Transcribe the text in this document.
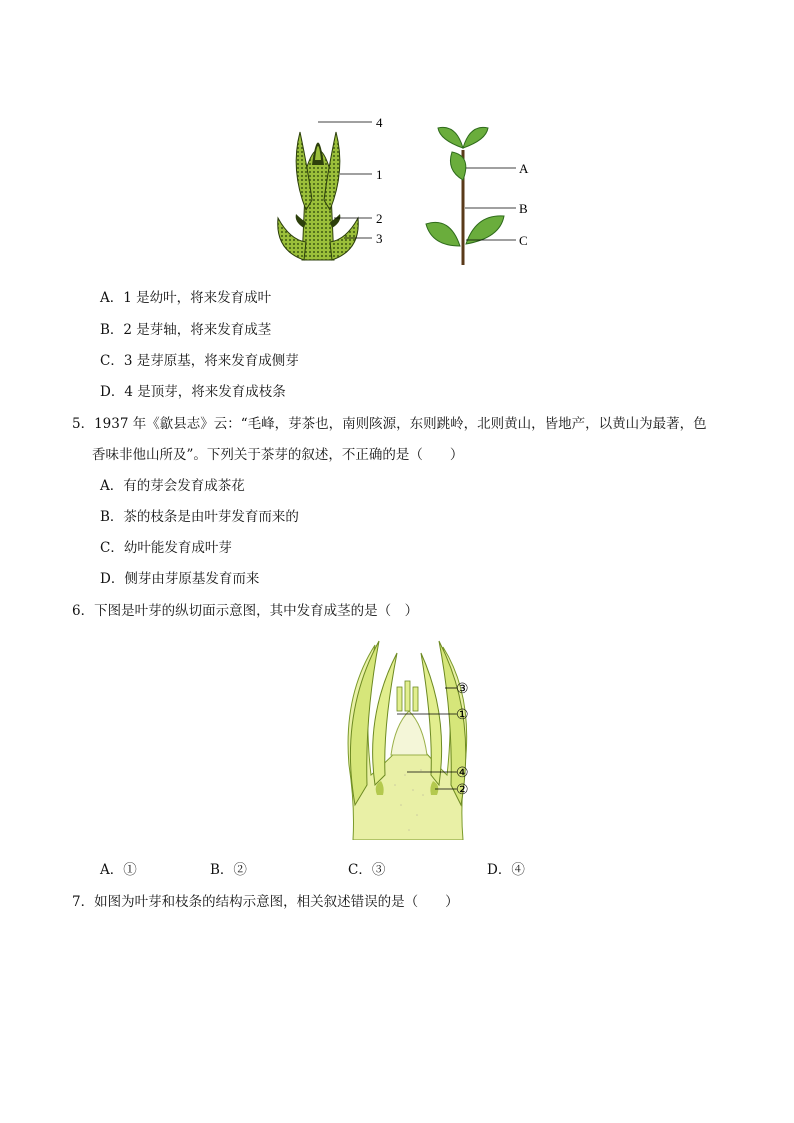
4
1
2
3
A
B
C
A．1 是幼叶，将来发育成叶
B．2 是芽轴，将来发育成茎
C．3 是芽原基，将来发育成侧芽
D．4 是顶芽，将来发育成枝条
5．1937 年《歙县志》云：“毛峰，芽茶也，南则陔源，东则跳岭，北则黄山，皆地产，以黄山为最著，色
香味非他山所及”。下列关于茶芽的叙述，不正确的是（　　）
A．有的芽会发育成茶花
B．茶的枝条是由叶芽发育而来的
C．幼叶能发育成叶芽
D．侧芽由芽原基发育而来
6．下图是叶芽的纵切面示意图，其中发育成茎的是（　）
③
①
④
②
A．①	B．②	C．③	D．④
7．如图为叶芽和枝条的结构示意图，相关叙述错误的是（　　）
